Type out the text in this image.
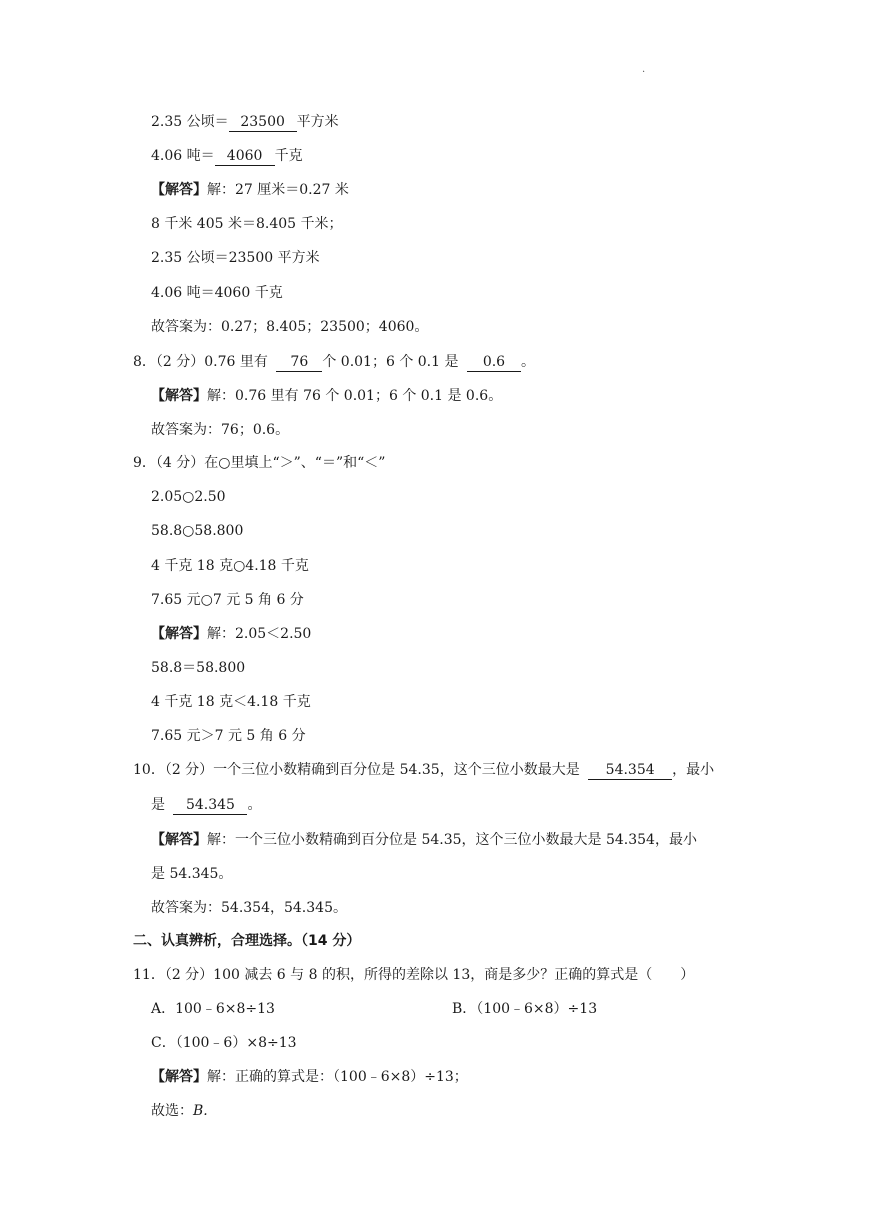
.
2.35 公顷＝ 23500 平方米
4.06 吨＝ 4060 千克
【解答】解：27 厘米＝0.27 米
8 千米 405 米＝8.405 千米；
2.35 公顷＝23500 平方米
4.06 吨＝4060 千克
故答案为：0.27；8.405；23500；4060。
8．（2 分）0.76 里有 76 个 0.01；6 个 0.1 是 0.6 。
【解答】解：0.76 里有 76 个 0.01；6 个 0.1 是 0.6。
故答案为：76；0.6。
9．（4 分）在○里填上“＞”、“＝”和“＜”
2.05○2.50
58.8○58.800
4 千克 18 克○4.18 千克
7.65 元○7 元 5 角 6 分
【解答】解：2.05＜2.50
58.8＝58.800
4 千克 18 克＜4.18 千克
7.65 元＞7 元 5 角 6 分
10．（2 分）一个三位小数精确到百分位是 54.35，这个三位小数最大是 54.354 ，最小
是 54.345 。
【解答】解：一个三位小数精确到百分位是 54.35，这个三位小数最大是 54.354，最小
是 54.345。
故答案为：54.354，54.345。
二、认真辨析，合理选择。（14 分）
11．（2 分）100 减去 6 与 8 的积，所得的差除以 13，商是多少？正确的算式是（　　）
A．100﹣6×8÷13	B．（100﹣6×8）÷13
C．（100﹣6）×8÷13
【解答】解：正确的算式是：（100﹣6×8）÷13；
故选：B.
